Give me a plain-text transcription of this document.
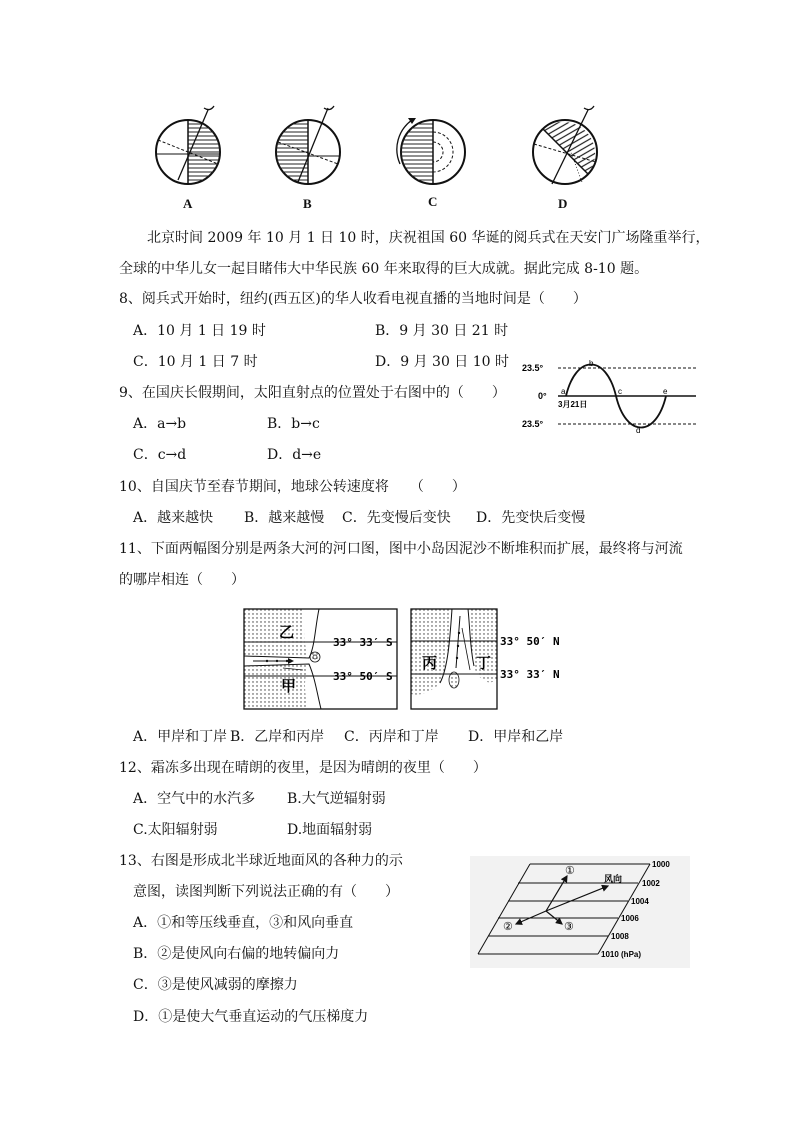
A	B	C	D
北京时间 2009 年 10 月 1 日 10 时，庆祝祖国 60 华诞的阅兵式在天安门广场隆重举行，
全球的中华儿女一起目睹伟大中华民族 60 年来取得的巨大成就。据此完成 8-10 题。
8、阅兵式开始时，纽约(西五区)的华人收看电视直播的当地时间是（　　）
A．10 月 1 日 19 时	B．9 月 30 日 21 时
C．10 月 1 日 7 时	D．9 月 30 日 10 时
9、在国庆长假期间，太阳直射点的位置处于右图中的（　　）
A．a→b	B．b→c
C．c→d	D．d→e
23.5°
0°
23.5°
3月21日
a
b
c
d
e
10、自国庆节至春节期间，地球公转速度将　　（　　）
A．越来越快 B．越来越慢 C．先变慢后变快 D．先变快后变慢
11、下面两幅图分别是两条大河的河口图，图中小岛因泥沙不断堆积而扩展，最终将与河流
的哪岸相连（　　）
乙
甲
33° 33′ S
33° 50′ S
丙	丁
33° 50′ N
33° 33′ N
A．甲岸和丁岸 B．乙岸和丙岸 C．丙岸和丁岸 D．甲岸和乙岸
12、霜冻多出现在晴朗的夜里，是因为晴朗的夜里（　　）
A．空气中的水汽多 B.大气逆辐射弱
C.太阳辐射弱	D.地面辐射弱
13、右图是形成北半球近地面风的各种力的示
意图，读图判断下列说法正确的有（　　）
A．①和等压线垂直，③和风向垂直
B．②是使风向右偏的地转偏向力
C．③是使风减弱的摩擦力
D．①是使大气垂直运动的气压梯度力
①
②	③
风向
1000
1002
1004
1006
1008
1010 (hPa)
